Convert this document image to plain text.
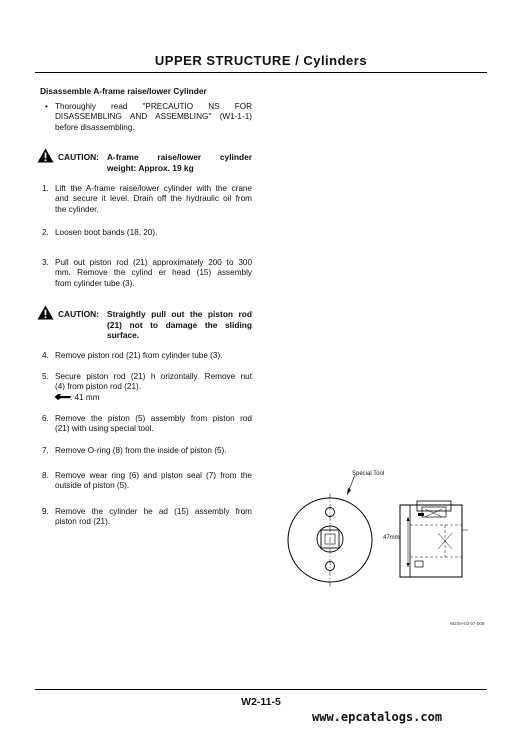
UPPER STRUCTURE / Cylinders
Disassemble A-frame raise/lower Cylinder
• Thoroughly read "PRECAUTIO NS FOR
DISASSEMBLING AND ASSEMBLING" (W1-1-1)
before disassembling.
CAUTION: A-frame raise/lower cylinder
weight: Approx. 19 kg
1. Lift the A-frame raise/lower cylinder with the crane
and secure it level. Drain off the hydraulic oil from
the cylinder.
2. Loosen boot bands (18, 20).
3. Pull out piston rod (21) approximately 200 to 300
mm. Remove the cylind er head (15) assembly
from cylinder tube (3).
CAUTION: Straightly pull out the piston rod
(21) not to damage the sliding
surface.
4. Remove piston rod (21) from cylinder tube (3).
5. Secure piston rod (21) h orizontally. Remove nut
(4) from piston rod (21).
: 41 mm
6. Remove the piston (5) assembly from piston rod
(21) with using special tool.
7. Remove O-ring (8) from the inside of piston (5).
8. Remove wear ring (6) and piston seal (7) from the
outside of piston (5).
9. Remove the cylinder he ad (15) assembly from
piston rod (21).
Special Tool
47mm
W2SH-03-07-008
W2-11-5
www.epcatalogs.com
